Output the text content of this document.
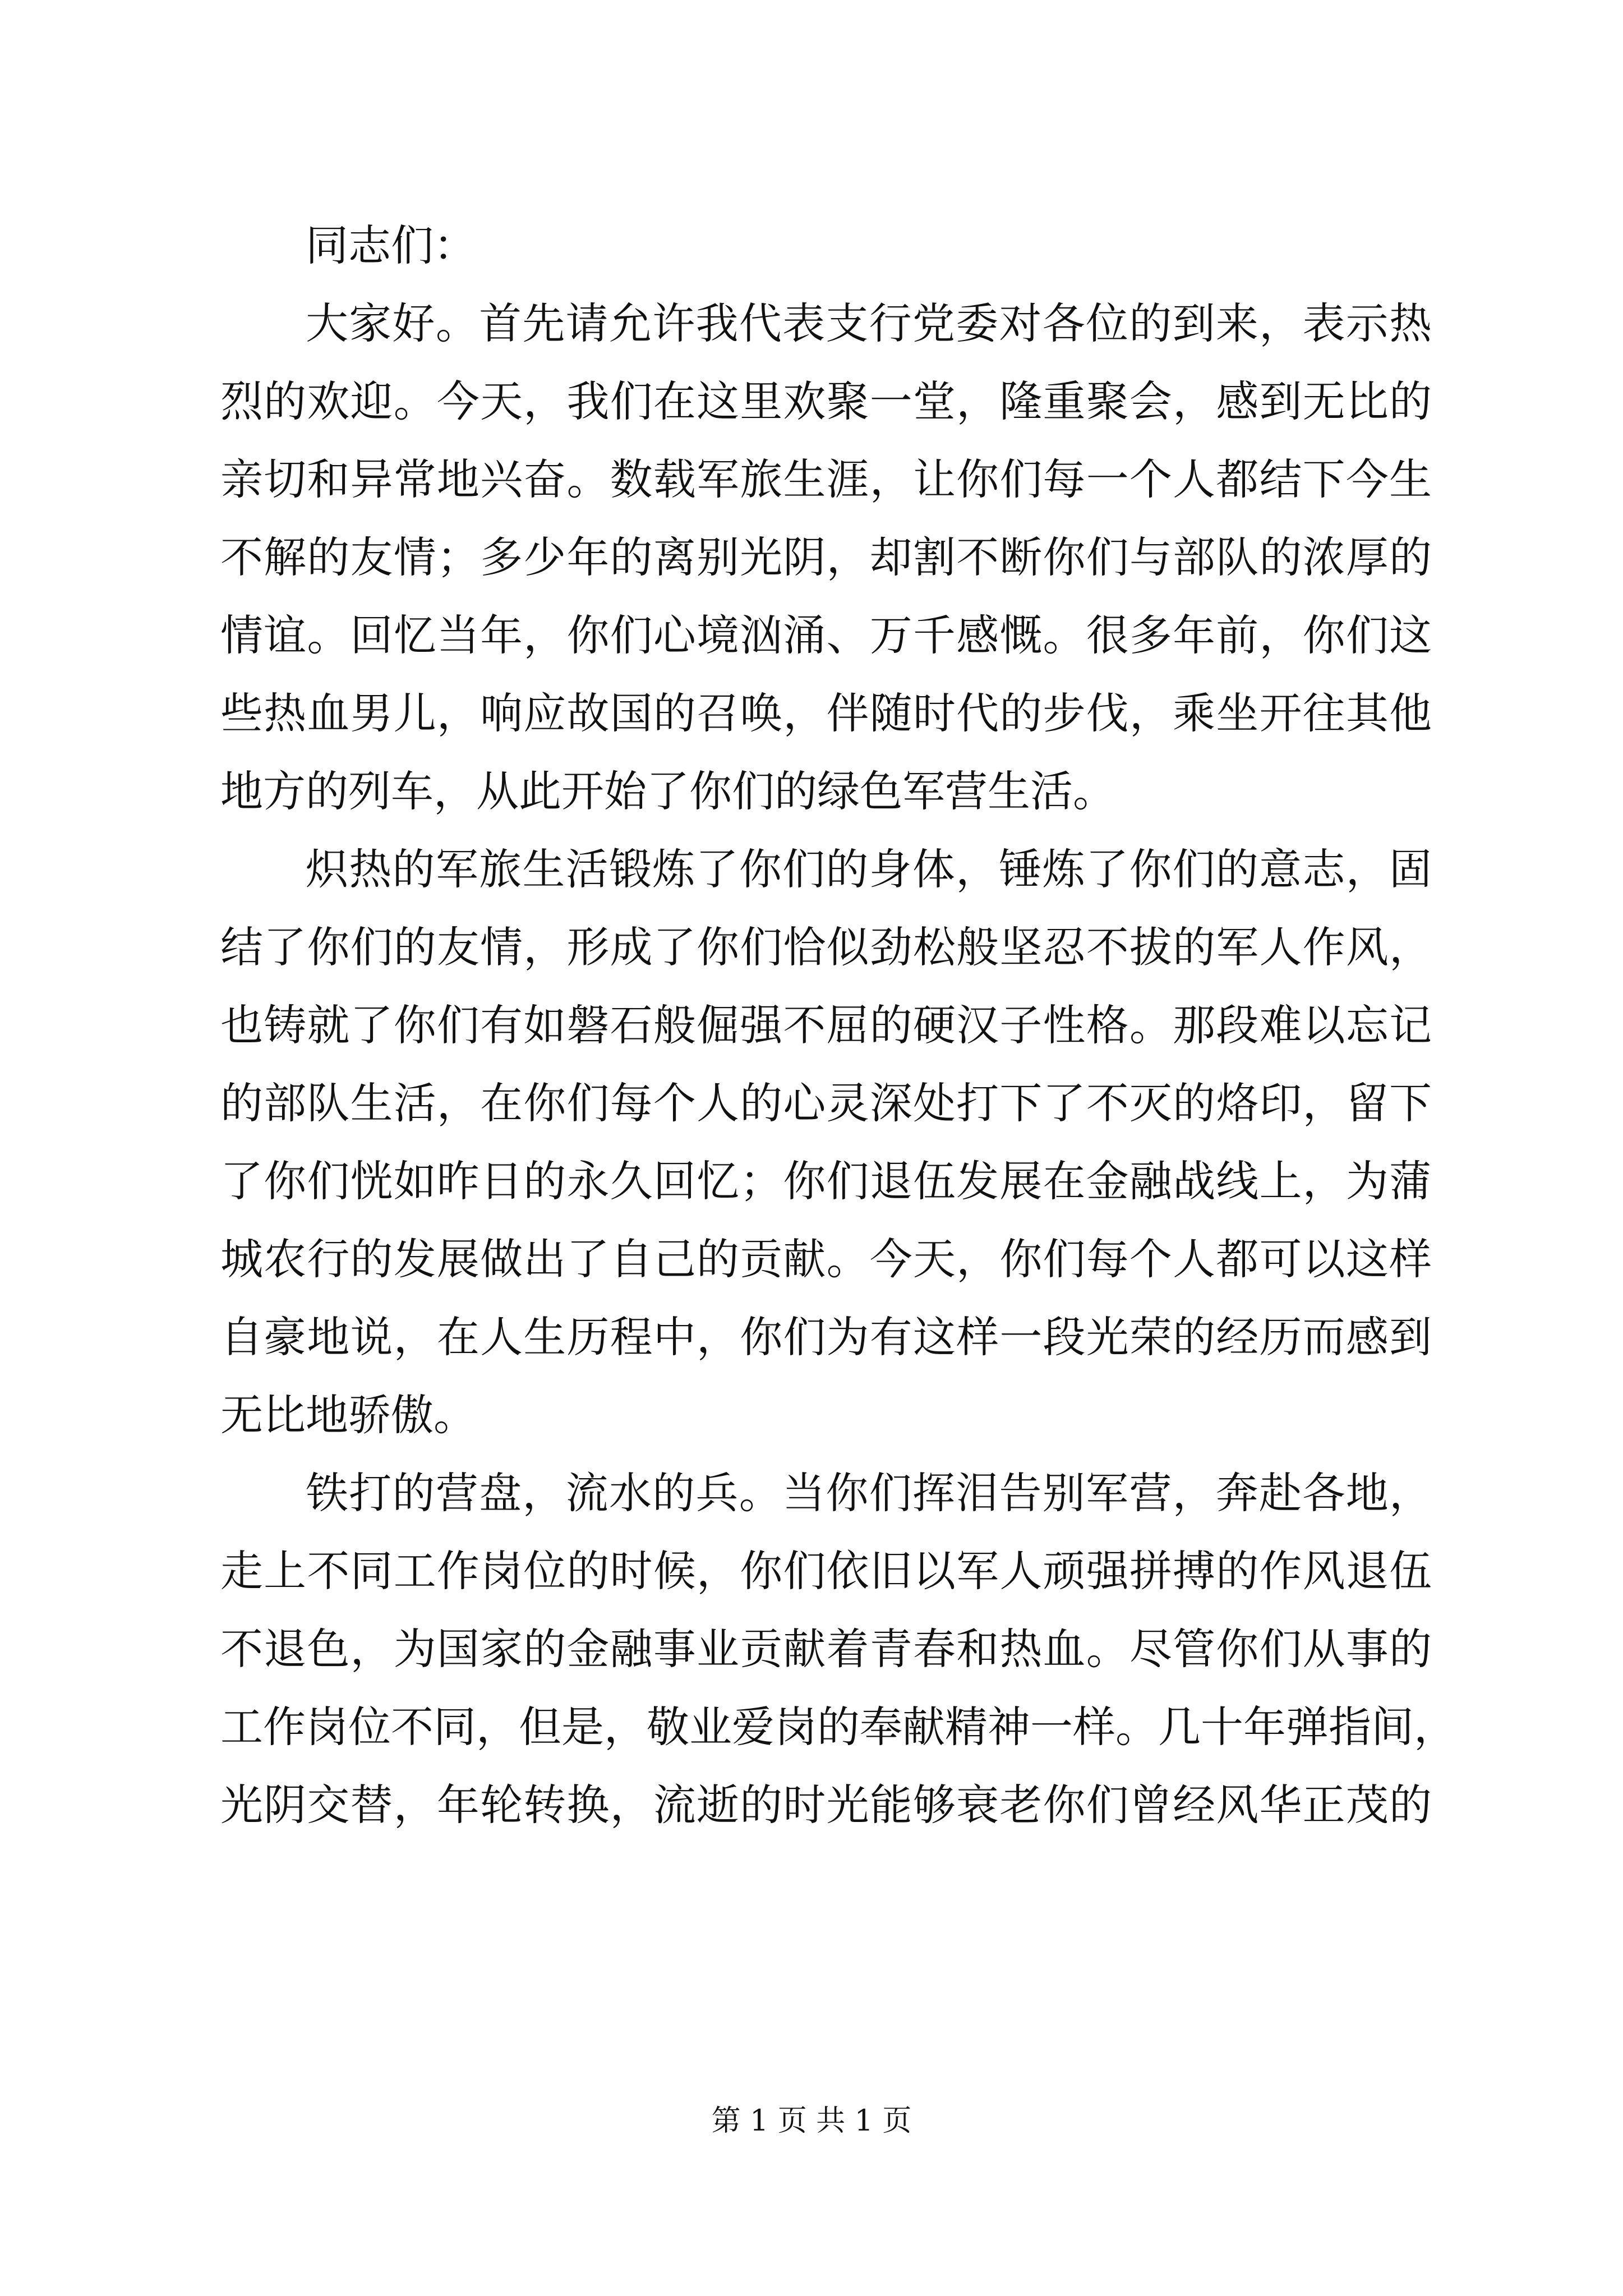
同志们：
大家好。首先请允许我代表支行党委对各位的到来，表示热
烈的欢迎。今天，我们在这里欢聚一堂，隆重聚会，感到无比的
亲切和异常地兴奋。数载军旅生涯，让你们每一个人都结下今生
不解的友情；多少年的离别光阴，却割不断你们与部队的浓厚的
情谊。回忆当年，你们心境汹涌、万千感慨。很多年前，你们这
些热血男儿，响应故国的召唤，伴随时代的步伐，乘坐开往其他
地方的列车，从此开始了你们的绿色军营生活。
炽热的军旅生活锻炼了你们的身体，锤炼了你们的意志，固
结了你们的友情，形成了你们恰似劲松般坚忍不拔的军人作风，
也铸就了你们有如磐石般倔强不屈的硬汉子性格。那段难以忘记
的部队生活，在你们每个人的心灵深处打下了不灭的烙印，留下
了你们恍如昨日的永久回忆；你们退伍发展在金融战线上，为蒲
城农行的发展做出了自己的贡献。今天，你们每个人都可以这样
自豪地说，在人生历程中，你们为有这样一段光荣的经历而感到
无比地骄傲。
铁打的营盘，流水的兵。当你们挥泪告别军营，奔赴各地，
走上不同工作岗位的时候，你们依旧以军人顽强拼搏的作风退伍
不退色，为国家的金融事业贡献着青春和热血。尽管你们从事的
工作岗位不同，但是，敬业爱岗的奉献精神一样。几十年弹指间，
光阴交替，年轮转换，流逝的时光能够衰老你们曾经风华正茂的
第 1 页 共 1 页
